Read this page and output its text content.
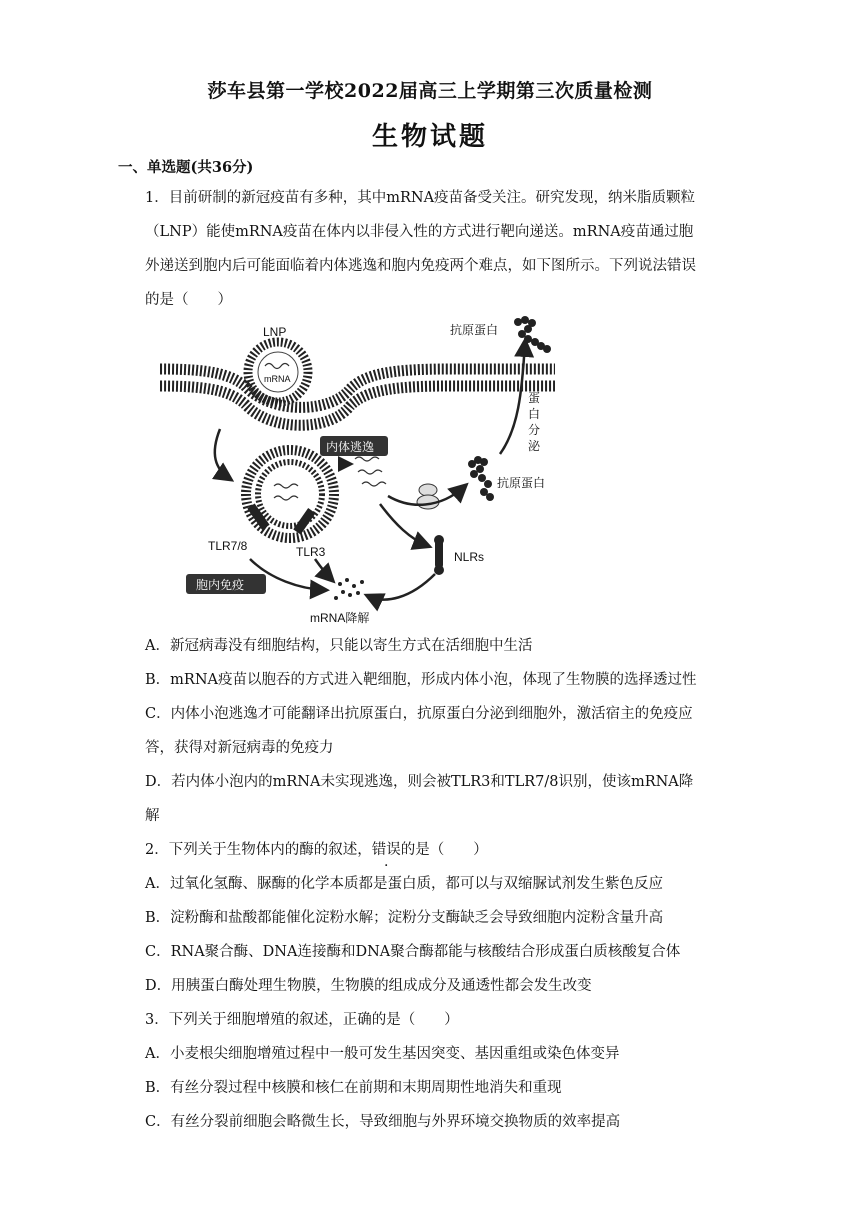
莎车县第一学校2022届高三上学期第三次质量检测
生物试题
一、单选题(共36分)
1．目前研制的新冠疫苗有多种，其中mRNA疫苗备受关注。研究发现，纳米脂质颗粒
（LNP）能使mRNA疫苗在体内以非侵入性的方式进行靶向递送。mRNA疫苗通过胞
外递送到胞内后可能面临着内体逃逸和胞内免疫两个难点，如下图所示。下列说法错误
的是（　　）
LNP
mRNA
内体逃逸
抗原蛋白
蛋
白
分
泌
抗原蛋白
NLRs
TLR7/8	TLR3
胞内免疫
mRNA降解
A．新冠病毒没有细胞结构，只能以寄生方式在活细胞中生活
B．mRNA疫苗以胞吞的方式进入靶细胞，形成内体小泡，体现了生物膜的选择透过性
C．内体小泡逃逸才可能翻译出抗原蛋白，抗原蛋白分泌到细胞外，激活宿主的免疫应
答，获得对新冠病毒的免疫力
D．若内体小泡内的mRNA未实现逃逸，则会被TLR3和TLR7/8识别，使该mRNA降
解
2．下列关于生物体内的酶的叙述，错误的是（　　）
A．过氧化氢酶、脲酶的化学本质都是蛋白质，都可以与双缩脲试剂发生紫色反应
B．淀粉酶和盐酸都能催化淀粉水解；淀粉分支酶缺乏会导致细胞内淀粉含量升高
C．RNA聚合酶、DNA连接酶和DNA聚合酶都能与核酸结合形成蛋白质核酸复合体
D．用胰蛋白酶处理生物膜，生物膜的组成成分及通透性都会发生改变
3．下列关于细胞增殖的叙述，正确的是（　　）
A．小麦根尖细胞增殖过程中一般可发生基因突变、基因重组或染色体变异
B．有丝分裂过程中核膜和核仁在前期和末期周期性地消失和重现
C．有丝分裂前细胞会略微生长，导致细胞与外界环境交换物质的效率提高
